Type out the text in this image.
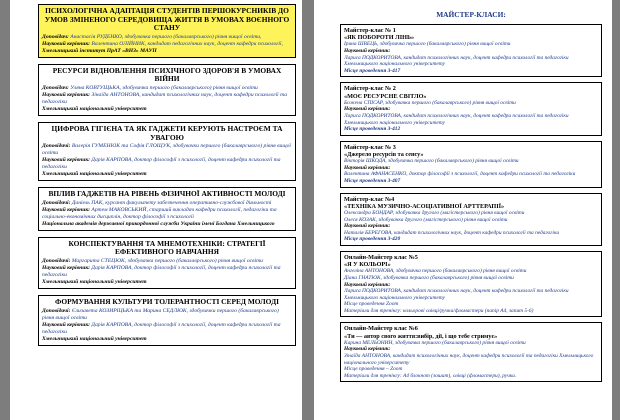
ПСИХОЛОГІЧНА АДАПТАЦІЯ СТУДЕНТІВ ПЕРШОКУРСНИКІВ ДО УМОВ ЗМІНЕНОГО СЕРЕДОВИЩА ЖИТТЯ В УМОВАХ ВОЄННОГО СТАНУ
Доповідач: Анастасія РУДЕНКО, здобувачка першого (бакалаврського) рівня вищої освіти,
Науковий керівник: Валентина ОЛІЙНИК, кандидат педагогічних наук, доцент кафедри психології,
Хмельницький інститут ПрАТ «ВНЗ» МАУП
РЕСУРСИ ВІДНОВЛЕННЯ ПСИХІЧНОГО ЗДОРОВ'Я В УМОВАХ ВІЙНИ
Доповідач: Уляна КОВТУЩЬКА, здобувачка першого (бакалаврського) рівня вищої освіти
Науковий керівник: Зінаїда АНТОНОВА, кандидат психологічних наук, доцент кафедри психології та педагогіки
Хмельницький національний університет
ЦИФРОВА ГІГІЄНА ТА ЯК ГАДЖЕТИ КЕРУЮТЬ НАСТРОЄМ ТА УВАГОЮ
Доповідачі: Валерія ГУМЕНЮК та Софія ГЛОЩУК, здобувачки першого (бакалаврського) рівня вищої освіти
Науковий керівник: Дарія КАРПОВА, доктор філософії з психології, доцент кафедри психології та педагогіки
Хмельницький національний університет
ВПЛИВ ГАДЖЕТІВ НА РІВЕНЬ ФІЗИЧНОЇ АКТИВНОСТІ МОЛОДІ
Доповідачі: Даніель ПАК, курсант факультету забезпечення оперативно-службової діяльності
Науковий керівник: Артем МАКОВСЬКИЙ, старший викладач кафедри психології, педагогіки та соціально-економічних дисциплін, доктор філософії з психології
Національна академія державної прикордонної служби України імені Богдана Хмельницького
КОНСПЕКТУВАННЯ ТА МНЕМОТЕХНІКИ: СТРАТЕГІЇ ЕФЕКТИВНОГО НАВЧАННЯ
Доповідачі: Маргарита СТЕЦЮК, здобувачка першого (бакалаврського) рівня вищої освіти
Науковий керівник: Дарія КАРПОВА, доктор філософії з психології, доцент кафедри психології та педагогіки
Хмельницький національний університет
ФОРМУВАННЯ КУЛЬТУРИ ТОЛЕРАНТНОСТІ СЕРЕД МОЛОДІ
Доповідачі: Єлизавета КОЗИРІЦЬКА та Марина СЕДЛЮК, здобувачки першого (бакалаврського) рівня вищої освіти
Науковий керівник: Дарія КАРПОВА, доктор філософії з психології, доцент кафедри психології та педагогіки
Хмельницький національний університет
МАЙСТЕР-КЛАСИ:
Майстер-клас № 1
«ЯК ПОБОРОТИ ЛІНЬ»
Ірина ШВЕЦЬ, здобувачка першого (бакалаврського) рівня вищої освіти
Науковий керівник:
Лариса ПОДКОРИТОВА, кандидат психологічних наук, доцент кафедри психології та педагогіки Хмельницького національного університету
Місце проведення 3-417
Майстер-клас № 2
«МОЄ РЕСУРСНЕ СВІТЛО»
Божена СПІСАР, здобувачка першого (бакалаврського) рівня вищої освіти
Науковий керівник:
Лариса ПОДКОРИТОВА, кандидат психологічних наук, доцент кафедри психології та педагогіки Хмельницького національного університету
Місце проведення 3-412
Майстер-клас № 3
«Джерело ресурсів та сенсу»
Вікторія ШКОДА, здобувачка першого (бакалаврського) рівня вищої освіти
Науковий керівник:
Валентина АФАНАСЕНКО, доктор філософії з психології, доцент кафедри психології та педагогіки
Місце проведення 3-407
Майстер-клас №4
«ТЕХНІКА МУЗИЧНО-АСОЦІАТИВНОЇ АРТТЕРАПІЇ»
Олександра БОНДАР, здобувачка другого (магістерського) рівня вищої освіти
Олеся КОЗАК, здобувачка другого (магістерського) рівня вищої освіти
Науковий керівник:
Наталія БЕРЕГОВА, кандидат психологічних наук, доцент кафедри психології та педагогіки
Місце проведення 3-420
Онлайн-Майстер клас №5
«Я У КОЛЬОРІ»
Ангеліна АНТОНОВА, здобувачка першого (бакалаврського) рівня вищої освіти
Діана ГНАТЮК, здобувачка першого (бакалаврського) рівня вищої освіти
Науковий керівник:
Лариса ПОДКОРИТОВА, кандидат психологічних наук, доцент кафедри психології та педагогіки Хмельницького національного університету
Місце проведення Zoom
Матеріали для тренінгу: кольорові олівці/ручки/фломастери (папір А4, запит 5-6)
Онлайн-Майстер клас №6
«Ти — автор свого життя:вибір, дії, і що тебе стримує»
Карина МЕЛЬОНИН, здобувачка першого (бакалаврського) рівня вищої освіти
Науковий керівник:
Зінаїда АНТОНОВА, кандидат психологічних наук, доцент кафедри психології та педагогіки Хмельницького національного університету
Місце проведення – Zoom
Матеріали для тренінгу: А4 блокнот (зошит), олівці (фломастери), ручка.
